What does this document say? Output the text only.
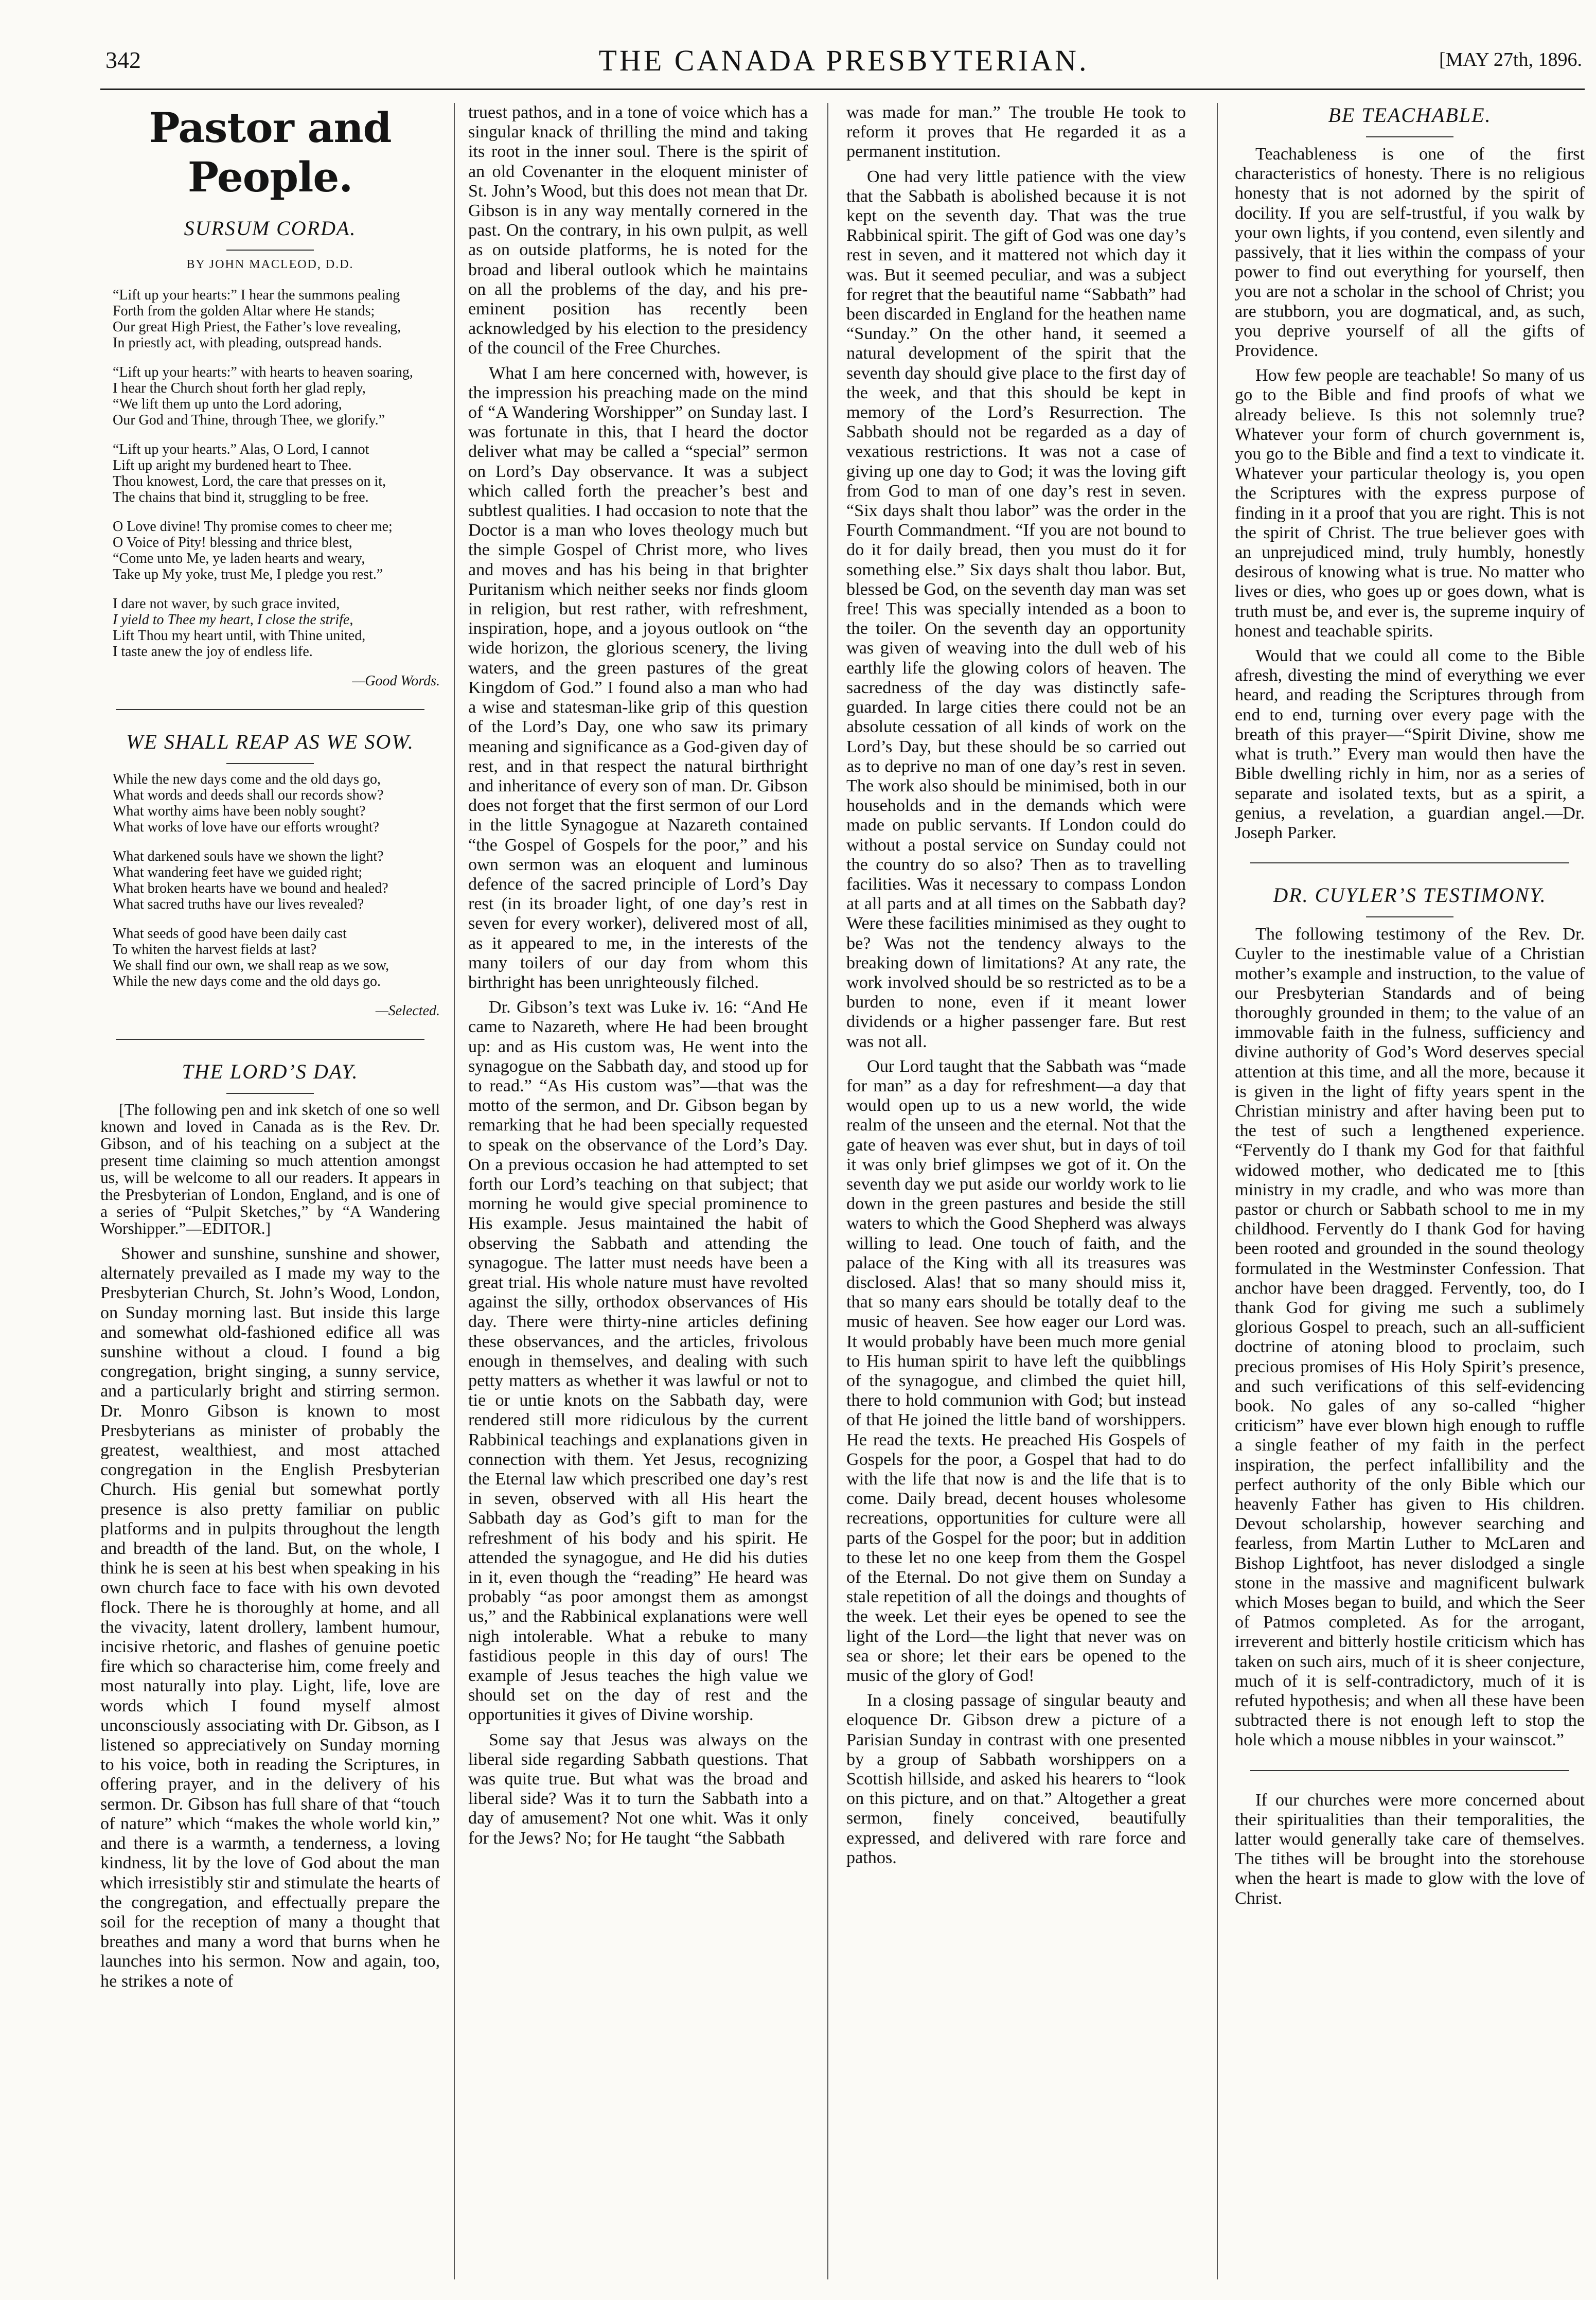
342	THE CANADA PRESBYTERIAN.	[MAY 27th, 1896.
Pastor and People.
SURSUM CORDA.
BY JOHN MACLEOD, D.D.
“Lift up your hearts:” I hear the summons pealing
Forth from the golden Altar where He stands;
Our great High Priest, the Father’s love revealing,
In priestly act, with pleading, outspread hands.
“Lift up your hearts:” with hearts to heaven soaring,
I hear the Church shout forth her glad reply,
“We lift them up unto the Lord adoring,
Our God and Thine, through Thee, we glorify.”
“Lift up your hearts.” Alas, O Lord, I cannot
Lift up aright my burdened heart to Thee.
Thou knowest, Lord, the care that presses on it,
The chains that bind it, struggling to be free.
O Love divine! Thy promise comes to cheer me;
O Voice of Pity! blessing and thrice blest,
“Come unto Me, ye laden hearts and weary,
Take up My yoke, trust Me, I pledge you rest.”
I dare not waver, by such grace invited,
I yield to Thee my heart, I close the strife,
Lift Thou my heart until, with Thine united,
I taste anew the joy of endless life.
—Good Words.
WE SHALL REAP AS WE SOW.
While the new days come and the old days go,
What words and deeds shall our records show?
What worthy aims have been nobly sought?
What works of love have our efforts wrought?
What darkened souls have we shown the light?
What wandering feet have we guided right;
What broken hearts have we bound and healed?
What sacred truths have our lives revealed?
What seeds of good have been daily cast
To whiten the harvest fields at last?
We shall find our own, we shall reap as we sow,
While the new days come and the old days go.
—Selected.
THE LORD’S DAY.

[The following pen and ink sketch of one so well known and loved in Canada as is the Rev. Dr. Gibson, and of his teaching on a subject at the present time claiming so much attention amongst us, will be welcome to all our readers. It appears in the Presbyterian of London, England, and is one of a series of “Pulpit Sketches,” by “A Wandering Worshipper.”—EDITOR.]

Shower and sunshine, sunshine and shower, alternately prevailed as I made my way to the Presbyterian Church, St. John’s Wood, London, on Sunday morning last. But inside this large and somewhat old-fashioned edifice all was sunshine without a cloud. I found a big congregation, bright singing, a sunny service, and a particularly bright and stirring sermon. Dr. Monro Gibson is known to most Presbyterians as minister of probably the greatest, wealthiest, and most attached congregation in the English Presbyterian Church. His genial but somewhat portly presence is also pretty familiar on public platforms and in pulpits throughout the length and breadth of the land. But, on the whole, I think he is seen at his best when speaking in his own church face to face with his own devoted flock. There he is thoroughly at home, and all the vivacity, latent drollery, lambent humour, incisive rhetoric, and flashes of genuine poetic fire which so characterise him, come freely and most naturally into play. Light, life, love are words which I found myself almost unconsciously associating with Dr. Gibson, as I listened so appreciatively on Sunday morning to his voice, both in reading the Scriptures, in offering prayer, and in the delivery of his sermon. Dr. Gibson has full share of that “touch of nature” which “makes the whole world kin,” and there is a warmth, a tenderness, a loving kindness, lit by the love of God about the man which irresistibly stir and stimulate the hearts of the congregation, and effectually prepare the soil for the reception of many a thought that breathes and many a word that burns when he launches into his sermon. Now and again, too, he strikes a note of

truest pathos, and in a tone of voice which has a singular knack of thrilling the mind and taking its root in the inner soul. There is the spirit of an old Covenanter in the eloquent minister of St. John’s Wood, but this does not mean that Dr. Gibson is in any way mentally cornered in the past. On the contrary, in his own pulpit, as well as on outside platforms, he is noted for the broad and liberal outlook which he maintains on all the problems of the day, and his pre-eminent position has recently been acknowledged by his election to the presidency of the council of the Free Churches.

What I am here concerned with, however, is the impression his preaching made on the mind of “A Wandering Worshipper” on Sunday last. I was fortunate in this, that I heard the doctor deliver what may be called a “special” sermon on Lord’s Day observance. It was a subject which called forth the preacher’s best and subtlest qualities. I had occasion to note that the Doctor is a man who loves theology much but the simple Gospel of Christ more, who lives and moves and has his being in that brighter Puritanism which neither seeks nor finds gloom in religion, but rest rather, with refreshment, inspiration, hope, and a joyous outlook on “the wide horizon, the glorious scenery, the living waters, and the green pastures of the great Kingdom of God.” I found also a man who had a wise and statesman-like grip of this question of the Lord’s Day, one who saw its primary meaning and significance as a God-given day of rest, and in that respect the natural birthright and inheritance of every son of man. Dr. Gibson does not forget that the first sermon of our Lord in the little Synagogue at Nazareth contained “the Gospel of Gospels for the poor,” and his own sermon was an eloquent and luminous defence of the sacred principle of Lord’s Day rest (in its broader light, of one day’s rest in seven for every worker), delivered most of all, as it appeared to me, in the interests of the many toilers of our day from whom this birthright has been unrighteously filched.

Dr. Gibson’s text was Luke iv. 16: “And He came to Nazareth, where He had been brought up: and as His custom was, He went into the synagogue on the Sabbath day, and stood up for to read.” “As His custom was”—that was the motto of the sermon, and Dr. Gibson began by remarking that he had been specially requested to speak on the observance of the Lord’s Day. On a previous occasion he had attempted to set forth our Lord’s teaching on that subject; that morning he would give special prominence to His example. Jesus maintained the habit of observing the Sabbath and attending the synagogue. The latter must needs have been a great trial. His whole nature must have revolted against the silly, orthodox observances of His day. There were thirty-nine articles defining these observances, and the articles, frivolous enough in themselves, and dealing with such petty matters as whether it was lawful or not to tie or untie knots on the Sabbath day, were rendered still more ridiculous by the current Rabbinical teachings and explanations given in connection with them. Yet Jesus, recognizing the Eternal law which prescribed one day’s rest in seven, observed with all His heart the Sabbath day as God’s gift to man for the refreshment of his body and his spirit. He attended the synagogue, and He did his duties in it, even though the “reading” He heard was probably “as poor amongst them as amongst us,” and the Rabbinical explanations were well nigh intolerable. What a rebuke to many fastidious people in this day of ours! The example of Jesus teaches the high value we should set on the day of rest and the opportunities it gives of Divine worship.

Some say that Jesus was always on the liberal side regarding Sabbath questions. That was quite true. But what was the broad and liberal side? Was it to turn the Sabbath into a day of amusement? Not one whit. Was it only for the Jews? No; for He taught “the Sabbath

was made for man.” The trouble He took to reform it proves that He regarded it as a permanent institution.

One had very little patience with the view that the Sabbath is abolished because it is not kept on the seventh day. That was the true Rabbinical spirit. The gift of God was one day’s rest in seven, and it mattered not which day it was. But it seemed peculiar, and was a subject for regret that the beautiful name “Sabbath” had been discarded in England for the heathen name “Sunday.” On the other hand, it seemed a natural development of the spirit that the seventh day should give place to the first day of the week, and that this should be kept in memory of the Lord’s Resurrection. The Sabbath should not be regarded as a day of vexatious restrictions. It was not a case of giving up one day to God; it was the loving gift from God to man of one day’s rest in seven. “Six days shalt thou labor” was the order in the Fourth Commandment. “If you are not bound to do it for daily bread, then you must do it for something else.” Six days shalt thou labor. But, blessed be God, on the seventh day man was set free! This was specially intended as a boon to the toiler. On the seventh day an opportunity was given of weaving into the dull web of his earthly life the glowing colors of heaven. The sacredness of the day was distinctly safe-guarded. In large cities there could not be an absolute cessation of all kinds of work on the Lord’s Day, but these should be so carried out as to deprive no man of one day’s rest in seven. The work also should be minimised, both in our households and in the demands which were made on public servants. If London could do without a postal service on Sunday could not the country do so also? Then as to travelling facilities. Was it necessary to compass London at all parts and at all times on the Sabbath day? Were these facilities minimised as they ought to be? Was not the tendency always to the breaking down of limitations? At any rate, the work involved should be so restricted as to be a burden to none, even if it meant lower dividends or a higher passenger fare. But rest was not all.

Our Lord taught that the Sabbath was “made for man” as a day for refreshment—a day that would open up to us a new world, the wide realm of the unseen and the eternal. Not that the gate of heaven was ever shut, but in days of toil it was only brief glimpses we got of it. On the seventh day we put aside our worldy work to lie down in the green pastures and beside the still waters to which the Good Shepherd was always willing to lead. One touch of faith, and the palace of the King with all its treasures was disclosed. Alas! that so many should miss it, that so many ears should be totally deaf to the music of heaven. See how eager our Lord was. It would probably have been much more genial to His human spirit to have left the quibblings of the synagogue, and climbed the quiet hill, there to hold communion with God; but instead of that He joined the little band of worshippers. He read the texts. He preached His Gospels of Gospels for the poor, a Gospel that had to do with the life that now is and the life that is to come. Daily bread, decent houses wholesome recreations, opportunities for culture were all parts of the Gospel for the poor; but in addition to these let no one keep from them the Gospel of the Eternal. Do not give them on Sunday a stale repetition of all the doings and thoughts of the week. Let their eyes be opened to see the light of the Lord—the light that never was on sea or shore; let their ears be opened to the music of the glory of God!

In a closing passage of singular beauty and eloquence Dr. Gibson drew a picture of a Parisian Sunday in contrast with one presented by a group of Sabbath worshippers on a Scottish hillside, and asked his hearers to “look on this picture, and on that.” Altogether a great sermon, finely conceived, beautifully expressed, and delivered with rare force and pathos.

BE TEACHABLE.

Teachableness is one of the first characteristics of honesty. There is no religious honesty that is not adorned by the spirit of docility. If you are self-trustful, if you walk by your own lights, if you contend, even silently and passively, that it lies within the compass of your power to find out everything for yourself, then you are not a scholar in the school of Christ; you are stubborn, you are dogmatical, and, as such, you deprive yourself of all the gifts of Providence.

How few people are teachable! So many of us go to the Bible and find proofs of what we already believe. Is this not solemnly true? Whatever your form of church government is, you go to the Bible and find a text to vindicate it. Whatever your particular theology is, you open the Scriptures with the express purpose of finding in it a proof that you are right. This is not the spirit of Christ. The true believer goes with an unprejudiced mind, truly humbly, honestly desirous of knowing what is true. No matter who lives or dies, who goes up or goes down, what is truth must be, and ever is, the supreme inquiry of honest and teachable spirits.

Would that we could all come to the Bible afresh, divesting the mind of everything we ever heard, and reading the Scriptures through from end to end, turning over every page with the breath of this prayer—“Spirit Divine, show me what is truth.” Every man would then have the Bible dwelling richly in him, nor as a series of separate and isolated texts, but as a spirit, a genius, a revelation, a guardian angel.—Dr. Joseph Parker.

DR. CUYLER’S TESTIMONY.

The following testimony of the Rev. Dr. Cuyler to the inestimable value of a Christian mother’s example and instruction, to the value of our Presbyterian Standards and of being thoroughly grounded in them; to the value of an immovable faith in the fulness, sufficiency and divine authority of God’s Word deserves special attention at this time, and all the more, because it is given in the light of fifty years spent in the Christian ministry and after having been put to the test of such a lengthened experience. “Fervently do I thank my God for that faithful widowed mother, who dedicated me to [this ministry in my cradle, and who was more than pastor or church or Sabbath school to me in my childhood. Fervently do I thank God for having been rooted and grounded in the sound theology formulated in the Westminster Confession. That anchor have been dragged. Fervently, too, do I thank God for giving me such a sublimely glorious Gospel to preach, such an all-sufficient doctrine of atoning blood to proclaim, such precious promises of His Holy Spirit’s presence, and such verifications of this self-evidencing book. No gales of any so-called “higher criticism” have ever blown high enough to ruffle a single feather of my faith in the perfect inspiration, the perfect infallibility and the perfect authority of the only Bible which our heavenly Father has given to His children. Devout scholarship, however searching and fearless, from Martin Luther to McLaren and Bishop Lightfoot, has never dislodged a single stone in the massive and magnificent bulwark which Moses began to build, and which the Seer of Patmos completed. As for the arrogant, irreverent and bitterly hostile criticism which has taken on such airs, much of it is sheer conjecture, much of it is self-contradictory, much of it is refuted hypothesis; and when all these have been subtracted there is not enough left to stop the hole which a mouse nibbles in your wainscot.”

If our churches were more concerned about their spiritualities than their temporalities, the latter would generally take care of themselves. The tithes will be brought into the storehouse when the heart is made to glow with the love of Christ.
